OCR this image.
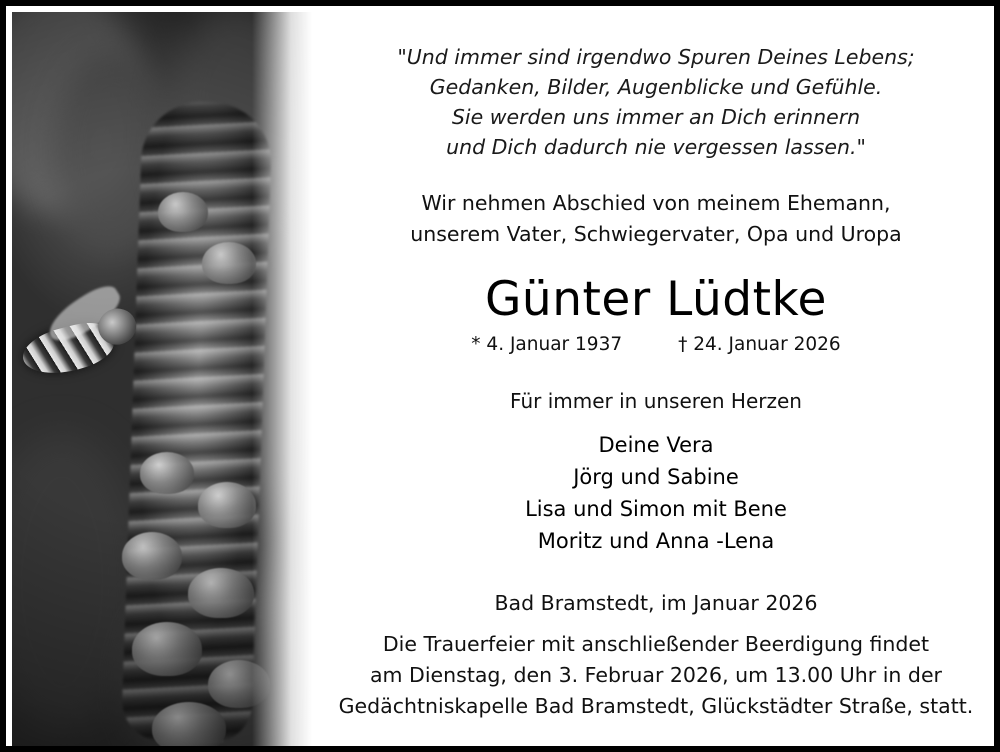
"Und immer sind irgendwo Spuren Deines Lebens;
Gedanken, Bilder, Augenblicke und Gefühle.
Sie werden uns immer an Dich erinnern
und Dich dadurch nie vergessen lassen."
Wir nehmen Abschied von meinem Ehemann,
unserem Vater, Schwiegervater, Opa und Uropa
Günter Lüdtke
* 4. Januar 1937	† 24. Januar 2026
Für immer in unseren Herzen
Deine Vera
Jörg und Sabine
Lisa und Simon mit Bene
Moritz und Anna -Lena
Bad Bramstedt, im Januar 2026
Die Trauerfeier mit anschließender Beerdigung findet
am Dienstag, den 3. Februar 2026, um 13.00 Uhr in der
Gedächtniskapelle Bad Bramstedt, Glückstädter Straße, statt.
